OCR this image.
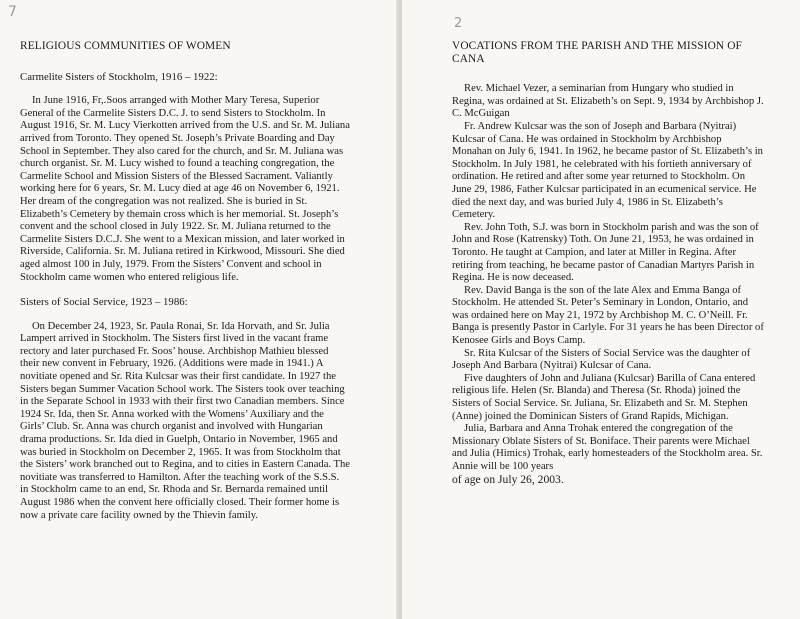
7
RELIGIOUS COMMUNITIES OF WOMEN
Carmelite Sisters of Stockholm, 1916 – 1922:

In June 1916, Fr,.Soos arranged with Mother Mary Teresa, Superior General of the Carmelite Sisters D.C. J. to send Sisters to Stockholm. In August 1916, Sr. M. Lucy Vierkotten arrived from the U.S. and Sr. M. Juliana arrived from Toronto. They opened St. Joseph’s Private Boarding and Day School in September. They also cared for the church, and Sr. M. Juliana was church organist. Sr. M. Lucy wished to found a teaching congregation, the Carmelite School and Mission Sisters of the Blessed Sacrament. Valiantly working here for 6 years, Sr. M. Lucy died at age 46 on November 6, 1921. Her dream of the congregation was not realized. She is buried in St. Elizabeth’s Cemetery by themain cross which is her memorial. St. Joseph’s convent and the school closed in July 1922. Sr. M. Juliana returned to the Carmelite Sisters D.C.J. She went to a Mexican mission, and later worked in Riverside, California. Sr. M. Juliana retired in Kirkwood, Missouri. She died aged almost 100 in July, 1979. From the Sisters’ Convent and school in Stockholm came women who entered religious life.

Sisters of Social Service, 1923 – 1986:

On December 24, 1923, Sr. Paula Ronai, Sr. Ida Horvath, and Sr. Julia Lampert arrived in Stockholm. The Sisters first lived in the vacant frame rectory and later purchased Fr. Soos’ house. Archbishop Mathieu blessed their new convent in February, 1926. (Additions were made in 1941.) A novitiate opened and Sr. Rita Kulcsar was their first candidate. In 1927 the Sisters began Summer Vacation School work. The Sisters took over teaching in the Separate School in 1933 with their first two Canadian members. Since 1924 Sr. Ida, then Sr. Anna worked with the Womens’ Auxiliary and the Girls’ Club. Sr. Anna was church organist and involved with Hungarian drama productions. Sr. Ida died in Guelph, Ontario in November, 1965 and was buried in Stockholm on December 2, 1965. It was from Stockholm that the Sisters’ work branched out to Regina, and to cities in Eastern Canada. The novitiate was transferred to Hamilton. After the teaching work of the S.S.S. in Stockholm came to an end, Sr. Rhoda and Sr. Bernarda remained until August 1986 when the convent here officially closed. Their former home is now a private care facility owned by the Thievin family.

2
VOCATIONS FROM THE PARISH AND THE MISSION OF CANA

Rev. Michael Vezer, a seminarian from Hungary who studied in Regina, was ordained at St. Elizabeth’s on Sept. 9, 1934 by Archbishop J. C. McGuigan

Fr. Andrew Kulcsar was the son of Joseph and Barbara (Nyitrai) Kulcsar of Cana. He was ordained in Stockholm by Archbishop Monahan on July 6, 1941. In 1962, he became pastor of St. Elizabeth’s in Stockholm. In July 1981, he celebrated with his fortieth anniversary of ordination. He retired and after some year returned to Stockholm. On June 29, 1986, Father Kulcsar participated in an ecumenical service. He died the next day, and was buried July 4, 1986 in St. Elizabeth’s Cemetery.

Rev. John Toth, S.J. was born in Stockholm parish and was the son of John and Rose (Katrensky) Toth. On June 21, 1953, he was ordained in Toronto. He taught at Campion, and later at Miller in Regina. After retiring from teaching, he became pastor of Canadian Martyrs Parish in Regina. He is now deceased.

Rev. David Banga is the son of the late Alex and Emma Banga of Stockholm. He attended St. Peter’s Seminary in London, Ontario, and was ordained here on May 21, 1972 by Archbishop M. C. O’Neill. Fr. Banga is presently Pastor in Carlyle. For 31 years he has been Director of Kenosee Girls and Boys Camp.

Sr. Rita Kulcsar of the Sisters of Social Service was the daughter of Joseph And Barbara (Nyitrai) Kulcsar of Cana.

Five daughters of John and Juliana (Kulcsar) Barilla of Cana entered religious life. Helen (Sr. Blanda) and Theresa (Sr. Rhoda) joined the Sisters of Social Service. Sr. Juliana, Sr. Elizabeth and Sr. M. Stephen (Anne) joined the Dominican Sisters of Grand Rapids, Michigan.

Julia, Barbara and Anna Trohak entered the congregation of the Missionary Oblate Sisters of St. Boniface. Their parents were Michael and Julia (Himics) Trohak, early homesteaders of the Stockholm area. Sr. Annie will be 100 years

of age on July 26, 2003.
